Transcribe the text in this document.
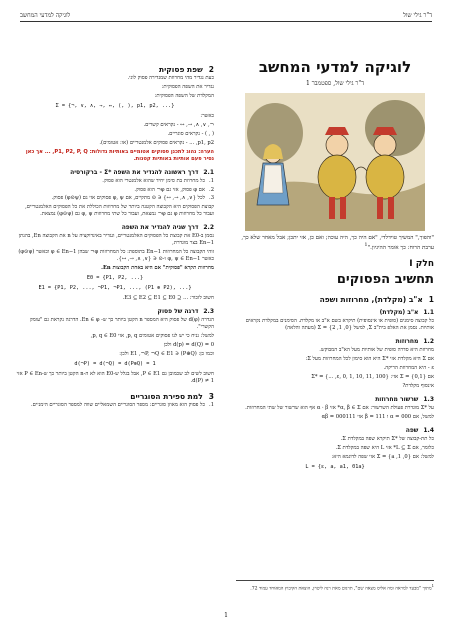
לוגיקה למדעי המחשב	ד"ר גילי שול
לוגיקה למדעי המחשב
ד"ר גילי שול, ספטמבר 1
"והפוך," המשיך טוידלדי, "אם היה כך, היה עוכה; ואם כן, אזי יתכן; אבל מאחר שלא כך, ערבת הרוח: כך אומר ההיגיון."$^1$
חלק I
תחשיב הפסוקים
1
א"ב (מקלדת), מחרוזות ושפה
1.1
א"ב (מקלדת)
כל קבוצה סימנים (סופית או אינסופית) תיקרא בשם א"ב או מקלדת. הסימנים במקלדת נקראים אותיות. נסמן את האלפ בית"ב Σ, למשל {0, 1, 2} = Σ (מעתה והלאה)
1.2
מחרוזות
מחרוזת היא סדרה סופית של אותיות מעל הא"ב המבוקש.
אם Σ היא מקלדת אזי *Σ היא הוא סימון לכל המחרוזות מעל Σ:
ε - היא המחרוזת הריקה.
אם {0,1} = Σ אזי: {ε, 0, 1, 10, 11, 100, ...} = *Σ
אינסוף מקלדת?
1.3
שרשור מחרוזות
על *Σ מוגדרת פעולת השרשור: אם α, β ∈ Σ* אזי α · β אף הוא שרשור של שתי המחרוזות.
למשל, אם 000 = α ו 111 = β אזי 000111 = αβ
1.4
שפה
כל תת-קבוצה של *Σ תיקרא שפה במקלדת Σ.
כלומר, אם L ⊆ Σ* אזי L היא שפה במקלדת Σ.
למשל: אם {0, 1, a} = Σ אזי שפה לדוגמא היא:
L = {ε, a, a1, 01a}
2
שפת פסוקית
כעת נגדיר מהי מחרוזת שמגדירה פסוק לוגי.
נגדיר את השפה הפסוקית:
המקלדת של השפה הפסוקית:
Σ = {¬, ∨, ∧, →, ↔, (, ), p1, p2, ...}
כאשר:
¬, ∨, ∧, →, ↔ - נקראים קשרים.
( , ) - נקראים סוגריים.
p1, p2, ... - נקראים פסוקים אלמנטריים (או: אטומים).
הערה: נהוג לתכנן פסוקים אטומיים באותיות גדולות: P1, P2, P, Q, ... אך כאן נסיר פעם אותיות באותיות קטנות.
2.1
דרך ראשונה להגדיר את השפה *Σ - ברקורסיה
1.
כל מחרוזת בת סימן יחיד שהוא אלמנטרי הוא פסוק.
2.
אם φ פסוק, אזי גם φ¬ הוא פסוק.
3.
לכל {∨, ∧, →, ↔} ∈ ⊙ מתקיים, אם φ, ψ פסוקים אזי גם (φ⊙ψ) פסוק.
קבוצת הפסוקים היא הקבוצה הקטנה ביותר של מחרוזות הכוללת את כל הפסוקים האלמנטריים, ועבור כל מחרוזות φ גם φ¬ נמצאת, ועבור כל שתי מחרוזות φ, ψ גם (φ⊙ψ) נמצאת.
2.2
דרך שניה להגדיר את השפה
נסמן ב-E0 את קבוצת כל הפסוקים האלמנטריים, ונגדיר באינדוקציה על n את הקבוצה En, בהנתן En−1 בצר מוגדרת,
זוהי הקבוצה כל המחרוזות En−1 בתוספת: כל המחרוזות φ¬ שבהן φ ∈ En−1 וכאשר (φ⊙ψ) כאשר φ, ψ ∈ En−1 ו-⊙ ∈ {∨, ∧, →, ↔}.
מחרוזות תקרא "פסוקית" אם היא באחת הקבוצות En.
E0 = {P1, P2, ...}
E1 = {P1, P2, ..., ¬P1, ¬P1, ..., (P1 ⊕ P2), ...}
חשוב לזכור: ... ⊆ E3 ⊆ E2 ⊆ E1 ⊆ E0.
2.3
דרגה של פסוק
הגדרה d(φ) של פסוק היא המספר n הקטן ביותר כך ש- En ∈ φ. הדרגה נקראת גם "עומק הקשרי".
למשל: נניח כי יש לנו פסוקים אטומים p, q, אזי p, q ∈ E0,
d(p) = d(Q) = 0 ולכן
וכמו כן: (P⊕Q) ∈ E1 ,¬P, ¬Q ∈ E1 ולכן:
d(¬P) = d(¬Q) = d(P⊕Q) = 1
חשוב לשים לב שכמובן גם P ∈ E1, אבל בגלל ש-E0 הוא לא ה-n הקטן ביותר כך ש-P ∈ En אזי d(P) ≠ 1.
3
למת ספירת הסוגריים
1.
כל פסוק הוא מאוזן סוגריים: מספר הסוגריים השמאליים שווה למספר הסוגריים הימניים.
$^1$מתוך "מבעד למראה ומה אליס מצאה שם", תרגום מאת רנה ליטוין, הוצאת הקיבוץ המאוחד עמוד 72.
1
